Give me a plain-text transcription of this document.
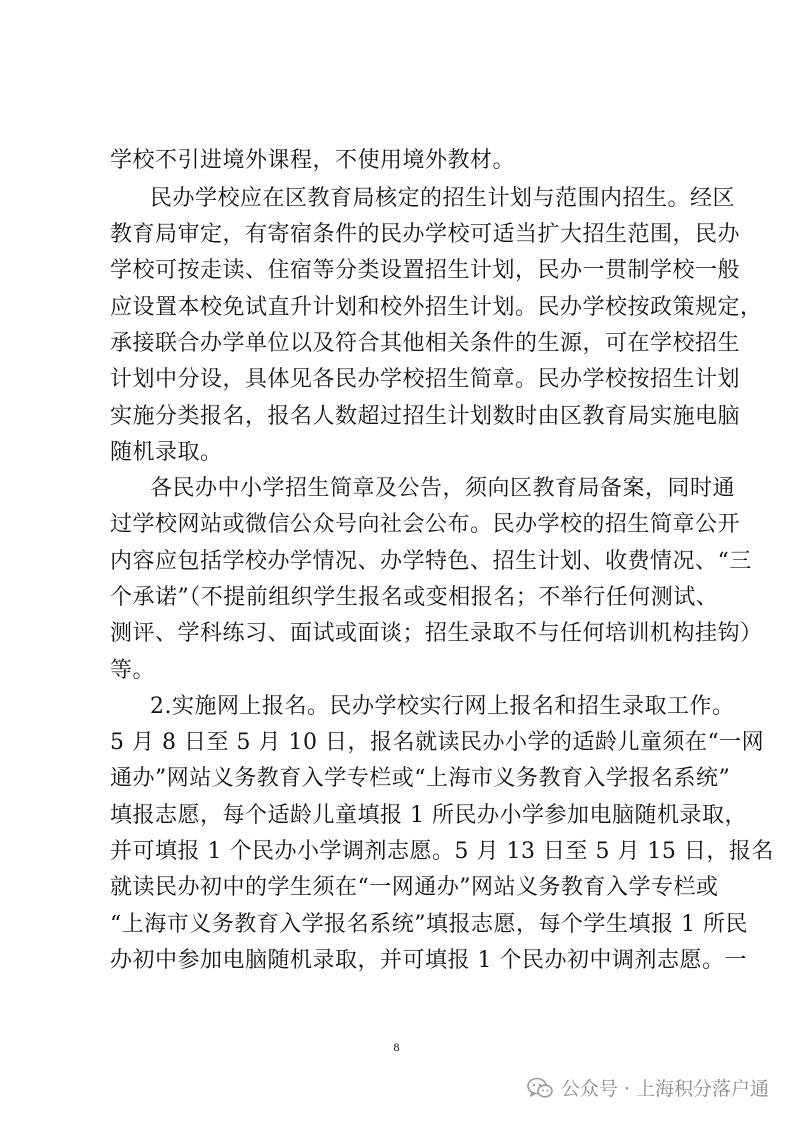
学校不引进境外课程，不使用境外教材。
民办学校应在区教育局核定的招生计划与范围内招生。经区
教育局审定，有寄宿条件的民办学校可适当扩大招生范围，民办
学校可按走读、住宿等分类设置招生计划，民办一贯制学校一般
应设置本校免试直升计划和校外招生计划。民办学校按政策规定，
承接联合办学单位以及符合其他相关条件的生源，可在学校招生
计划中分设，具体见各民办学校招生简章。民办学校按招生计划
实施分类报名，报名人数超过招生计划数时由区教育局实施电脑
随机录取。
各民办中小学招生简章及公告，须向区教育局备案，同时通
过学校网站或微信公众号向社会公布。民办学校的招生简章公开
内容应包括学校办学情况、办学特色、招生计划、收费情况、“三
个承诺”（不提前组织学生报名或变相报名；不举行任何测试、
测评、学科练习、面试或面谈；招生录取不与任何培训机构挂钩）
等。
2.实施网上报名。民办学校实行网上报名和招生录取工作。
5 月 8 日至 5 月 10 日，报名就读民办小学的适龄儿童须在“一网
通办”网站义务教育入学专栏或“上海市义务教育入学报名系统”
填报志愿，每个适龄儿童填报 1 所民办小学参加电脑随机录取，
并可填报 1 个民办小学调剂志愿。5 月 13 日至 5 月 15 日，报名
就读民办初中的学生须在“一网通办”网站义务教育入学专栏或
“上海市义务教育入学报名系统”填报志愿，每个学生填报 1 所民
办初中参加电脑随机录取，并可填报 1 个民办初中调剂志愿。一
8
公众号 · 上海积分落户通
